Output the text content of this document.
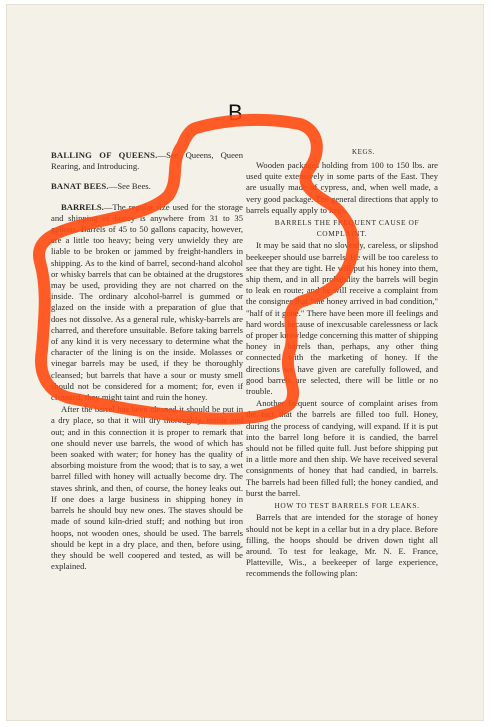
B
KEGS.

BALLING OF QUEENS.—See Queens, Queen Rearing, and Introducing.

BANAT BEES.—See Bees.

BARRELS.—The regular size used for the storage and shipping of honey is anywhere from 31 to 35 gallons. Barrels of 45 to 50 gallons capacity, however, are a little too heavy; being very unwieldy they are liable to be broken or jammed by freight-handlers in shipping. As to the kind of barrel, second-hand alcohol or whisky barrels that can be obtained at the drugstores may be used, providing they are not charred on the inside. The ordinary alcohol-barrel is gummed or glazed on the inside with a preparation of glue that does not dissolve. As a general rule, whisky-barrels are charred, and therefore unsuitable. Before taking barrels of any kind it is very necessary to determine what the character of the lining is on the inside. Molasses or vinegar barrels may be used, if they be thoroughly cleansed; but barrels that have a sour or musty smell should not be considered for a moment; for, even if cleansed, they might taint and ruin the honey.

After the barrel has been cleaned it should be put in a dry place, so that it will dry thoroughly, inside and out; and in this connection it is proper to remark that one should never use barrels, the wood of which has been soaked with water; for honey has the quality of absorbing moisture from the wood; that is to say, a wet barrel filled with honey will actually become dry. The staves shrink, and then, of course, the honey leaks out. If one does a large business in shipping honey in barrels he should buy new ones. The staves should be made of sound kiln-dried stuff; and nothing but iron hoops, not wooden ones, should be used. The barrels should be kept in a dry place, and then, before using, they should be well coopered and tested, as will be explained.

Wooden packages holding from 100 to 150 lbs. are used quite extensively in some parts of the East. They are usually made of cypress, and, when well made, a very good package. The general directions that apply to barrels equally apply to kegs.

BARRELS THE FREQUENT CAUSE OF COMPLAINT.

It may be said that no slovenly, careless, or slipshod beekeeper should use barrels. He will be too careless to see that they are tight. He will put his honey into them, ship them, and in all probability the barrels will begin to leak en route; and he will receive a complaint from the consignee that "the honey arrived in bad condition," "half of it gone." There have been more ill feelings and hard words because of inexcusable carelessness or lack of proper knowledge concerning this matter of shipping honey in barrels than, perhaps, any other thing connected with the marketing of honey. If the directions we have given are carefully followed, and good barrels are selected, there will be little or no trouble.

Another frequent source of complaint arises from the fact that the barrels are filled too full. Honey, during the process of candying, will expand. If it is put into the barrel long before it is candied, the barrel should not be filled quite full. Just before shipping put in a little more and then ship. We have received several consignments of honey that had candied, in barrels. The barrels had been filled full; the honey candied, and burst the barrel.

HOW TO TEST BARRELS FOR LEAKS.

Barrels that are intended for the storage of honey should not be kept in a cellar but in a dry place. Before filling, the hoops should be driven down tight all around. To test for leakage, Mr. N. E. France, Platteville, Wis., a beekeeper of large experience, recommends the following plan:
